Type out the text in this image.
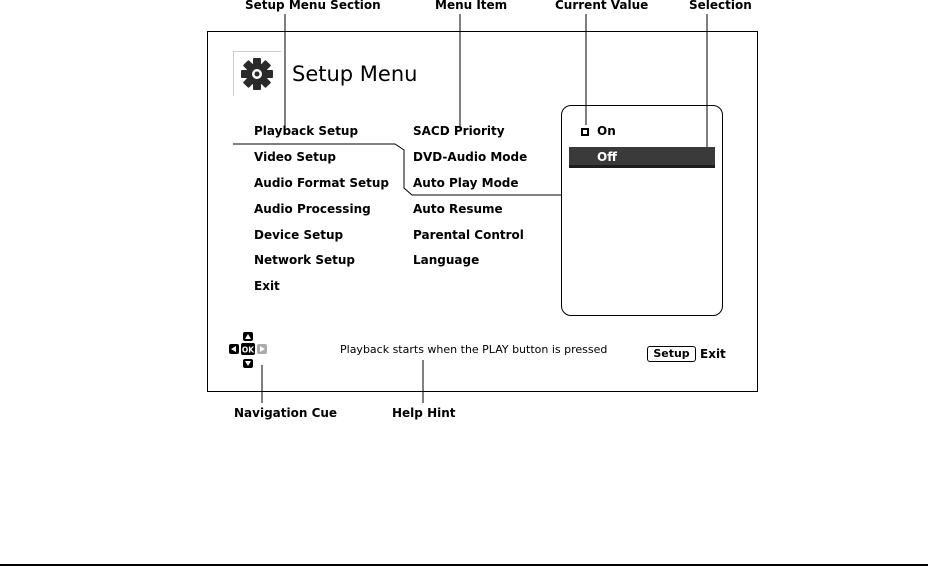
Setup Menu Section	Menu Item	Current Value	Selection
Navigation Cue	Help Hint
Setup Menu
Playback Setup
Video Setup
Audio Format Setup
Audio Processing
Device Setup
Network Setup
Exit
SACD Priority
DVD-Audio Mode
Auto Play Mode
Auto Resume
Parental Control
Language
On
Off
OK	Playback starts when the PLAY button is pressed	Setup Exit
